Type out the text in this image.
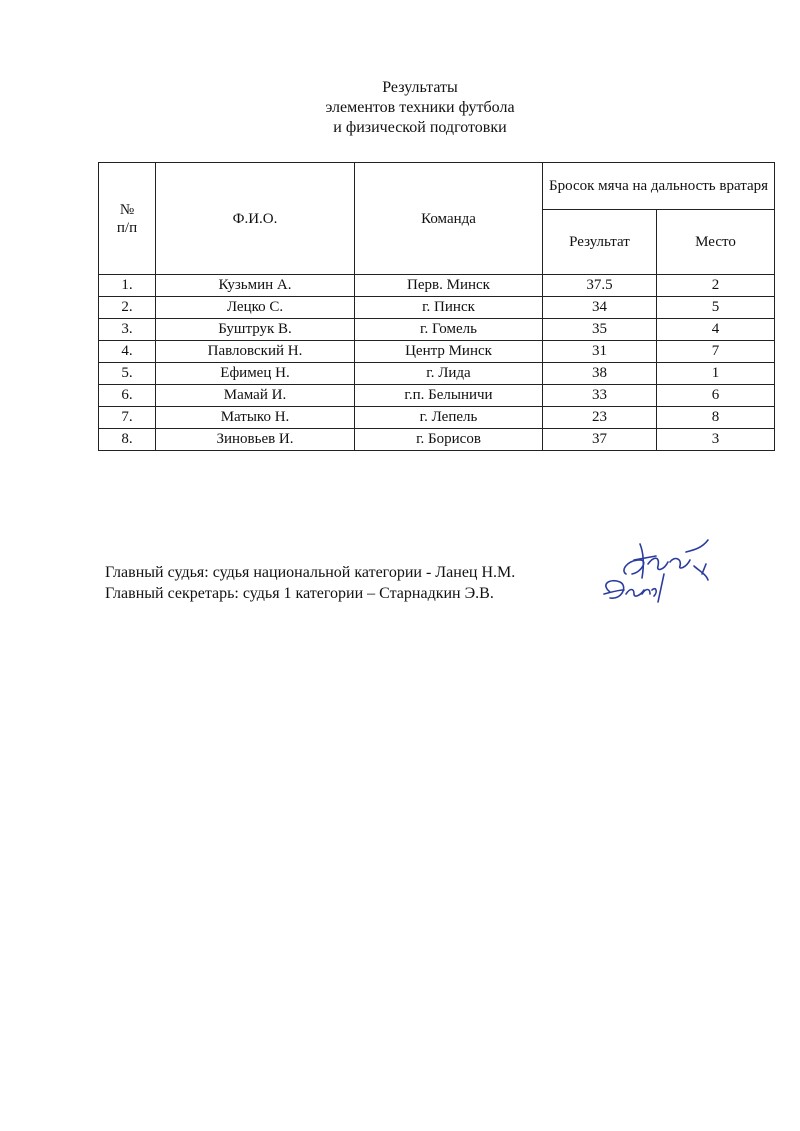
Результаты
элементов техники футбола
и физической подготовки
№
п/п	Ф.И.О.	Команда	Бросок мяча на дальность вратаря	
			Результат	Место
1.	Кузьмин А.	Перв. Минск	37.5	2
2.	Лецко С.	г. Пинск	34	5
3.	Буштрук В.	г. Гомель	35	4
4.	Павловский Н.	Центр Минск	31	7
5.	Ефимец Н.	г. Лида	38	1
6.	Мамай И.	г.п. Белыничи	33	6
7.	Матыко Н.	г. Лепель	23	8
8.	Зиновьев И.	г. Борисов	37	3
Главный судья: судья национальной категории - Ланец Н.М.
Главный секретарь: судья 1 категории – Старнадкин Э.В.
